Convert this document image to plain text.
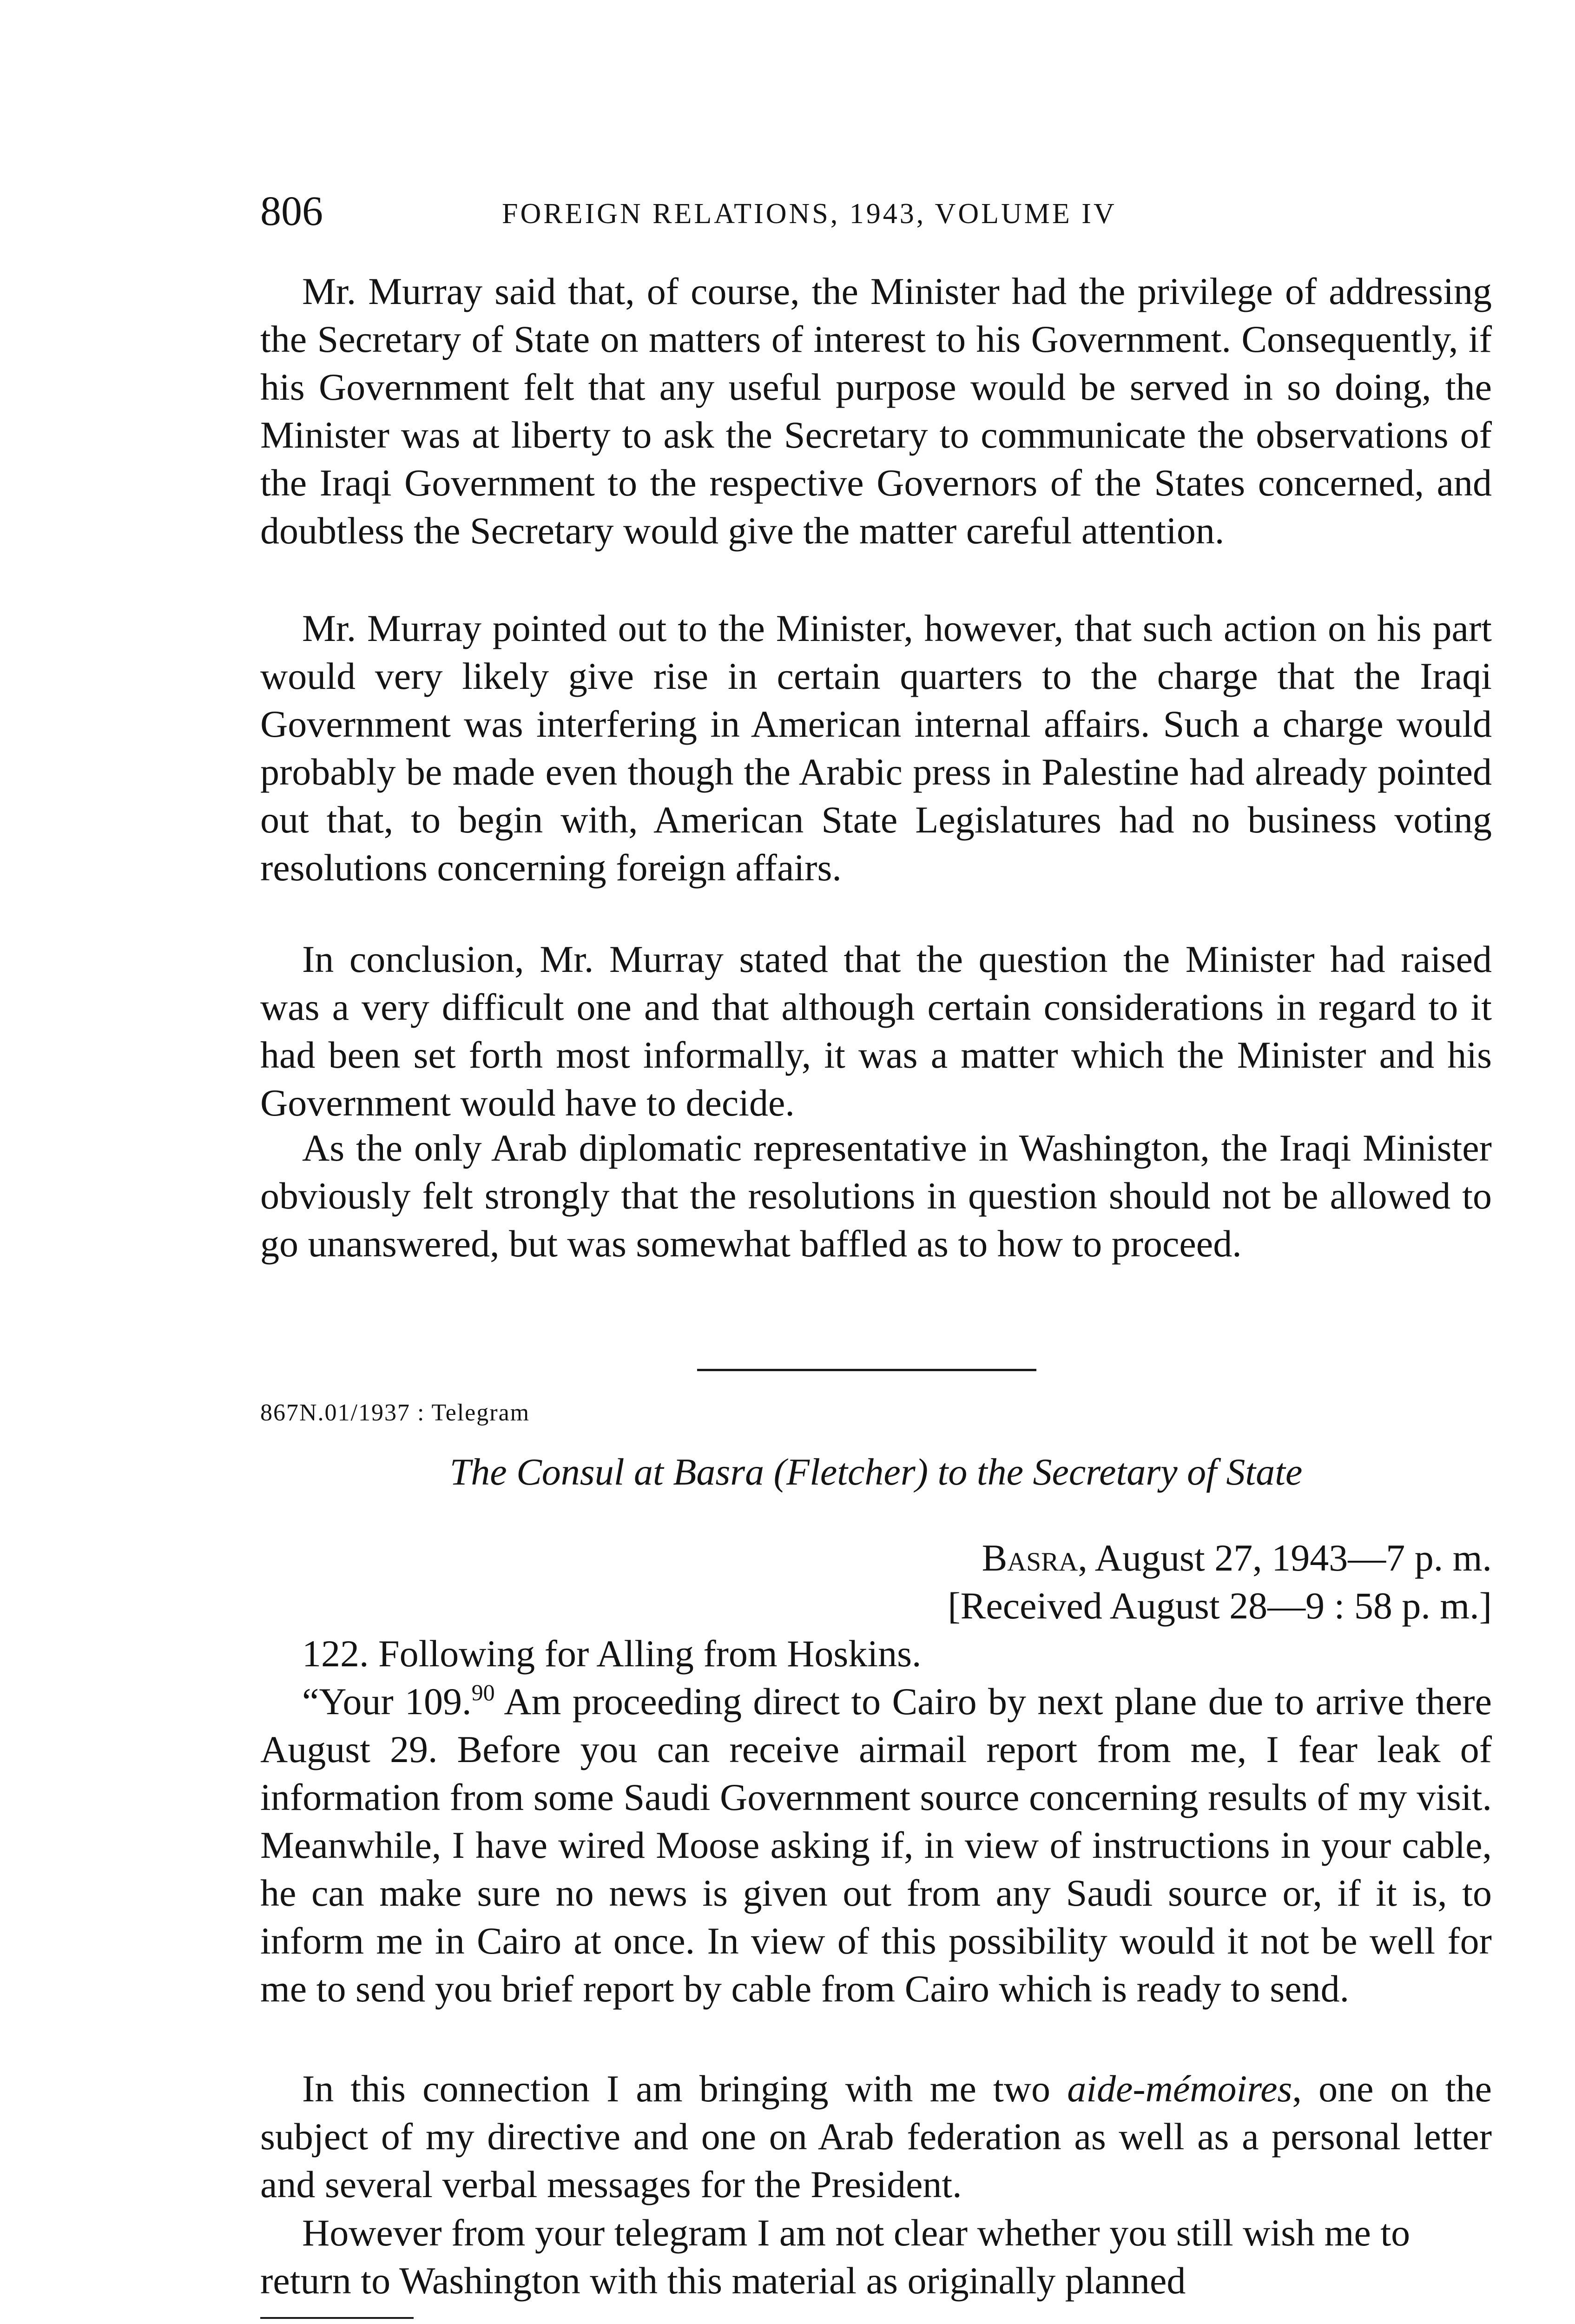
806	FOREIGN RELATIONS, 1943, VOLUME IV

Mr. Murray said that, of course, the Minister had the privilege of addressing the Secretary of State on matters of interest to his Government. Consequently, if his Government felt that any useful purpose would be served in so doing, the Minister was at liberty to ask the Secretary to communicate the observations of the Iraqi Government to the respective Governors of the States concerned, and doubtless the Secretary would give the matter careful attention.

Mr. Murray pointed out to the Minister, however, that such action on his part would very likely give rise in certain quarters to the charge that the Iraqi Government was interfering in American internal affairs. Such a charge would probably be made even though the Arabic press in Palestine had already pointed out that, to begin with, American State Legislatures had no business voting resolutions concerning foreign affairs.

In conclusion, Mr. Murray stated that the question the Minister had raised was a very difficult one and that although certain considerations in regard to it had been set forth most informally, it was a matter which the Minister and his Government would have to decide.

As the only Arab diplomatic representative in Washington, the Iraqi Minister obviously felt strongly that the resolutions in question should not be allowed to go unanswered, but was somewhat baffled as to how to proceed.

867N.01/1937 : Telegram
The Consul at Basra (Fletcher) to the Secretary of State
Basra, August 27, 1943—7 p. m.
[Received August 28—9 : 58 p. m.]

122. Following for Alling from Hoskins.

“Your 109.90 Am proceeding direct to Cairo by next plane due to arrive there August 29. Before you can receive airmail report from me, I fear leak of information from some Saudi Government source concerning results of my visit. Meanwhile, I have wired Moose asking if, in view of instructions in your cable, he can make sure no news is given out from any Saudi source or, if it is, to inform me in Cairo at once. In view of this possibility would it not be well for me to send you brief report by cable from Cairo which is ready to send.

In this connection I am bringing with me two aide-mémoires, one on the subject of my directive and one on Arab federation as well as a personal letter and several verbal messages for the President.

However from your telegram I am not clear whether you still wish me to return to Washington with this material as originally planned
